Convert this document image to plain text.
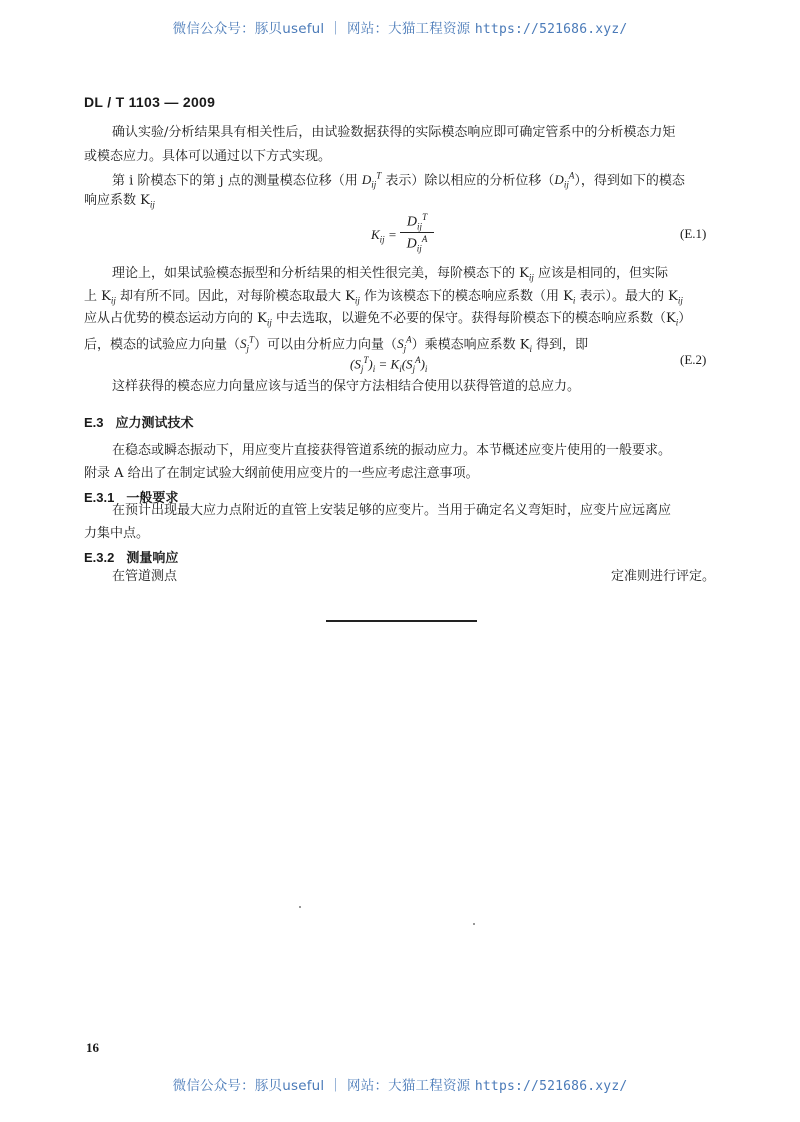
微信公众号：豚贝useful ｜ 网站：大猫工程资源 https://521686.xyz/
DL / T 1103 — 2009
确认实验/分析结果具有相关性后，由试验数据获得的实际模态响应即可确定管系中的分析模态力矩
或模态应力。具体可以通过以下方式实现。
第 i 阶模态下的第 j 点的测量模态位移（用 $D_{ij}^T$ 表示）除以相应的分析位移$(D_{ij}^A)$，得到如下的模态
响应系数 $K_{ij}$
$K_{ij}$ =
$D_{ij}^T$
$D_{ij}^A$	(E.1)
理论上，如果试验模态振型和分析结果的相关性很完美，每阶模态下的 $K_{ij}$ 应该是相同的，但实际
上 $K_{ij}$ 却有所不同。因此，对每阶模态取最大 $K_{ij}$ 作为该模态下的模态响应系数（用 $K_i$ 表示）。最大的 $K_{ij}$
应从占优势的模态运动方向的 $K_{ij}$ 中去选取，以避免不必要的保守。获得每阶模态下的模态响应系数$(K_i)$
后，模态的试验应力向量$(S_j^T)$可以由分析应力向量$(S_j^A)$乘模态响应系数 $K_i$ 得到，即
$(S_j^T)_i = K_i(S_j^A)_i$
(E.2)
这样获得的模态应力向量应该与适当的保守方法相结合使用以获得管道的总应力。
E.3 应力测试技术
在稳态或瞬态振动下，用应变片直接获得管道系统的振动应力。本节概述应变片使用的一般要求。
附录 A 给出了在制定试验大纲前使用应变片的一些应考虑注意事项。
E.3.1 一般要求
在预计出现最大应力点附近的直管上安装足够的应变片。当用于确定名义弯矩时，应变片应远离应
力集中点。
E.3.2 测量响应
在管道测点	定准则进行评定。
16
微信公众号：豚贝useful ｜ 网站：大猫工程资源 https://521686.xyz/
